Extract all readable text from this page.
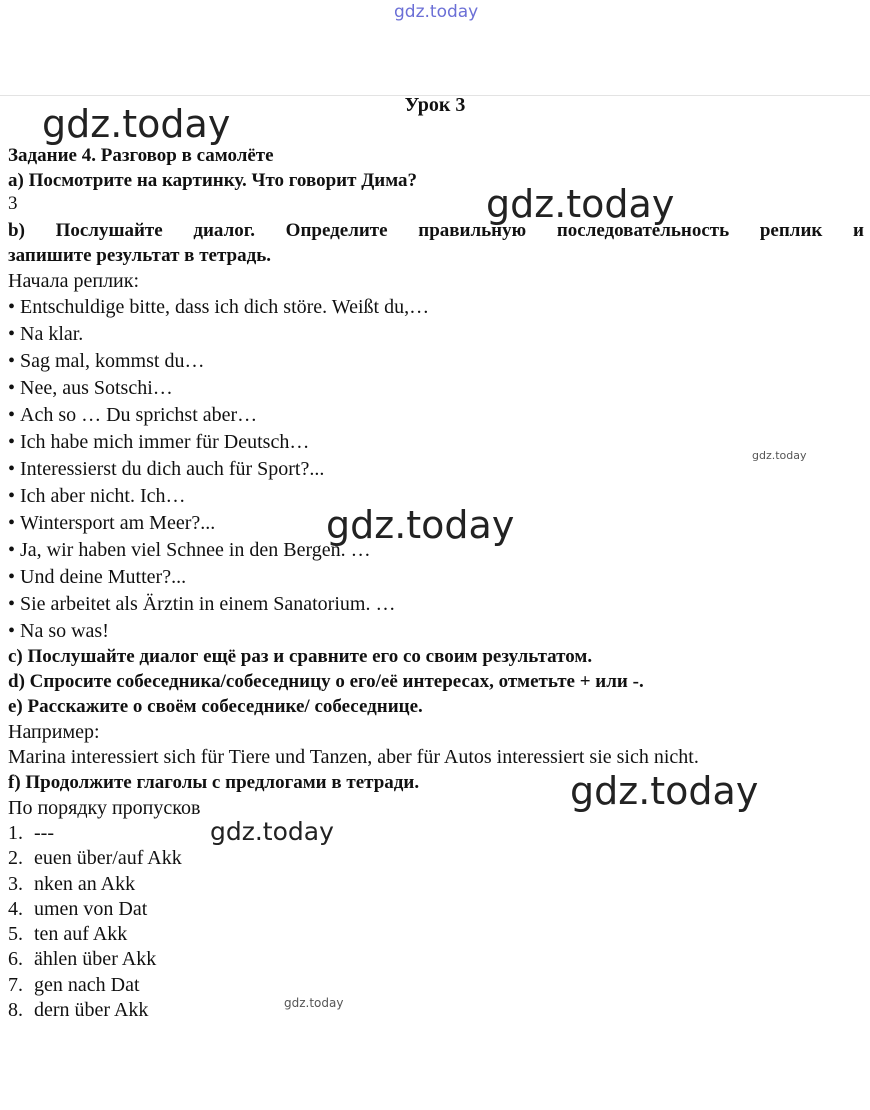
Урок 3
Задание 4. Разговор в самолёте
a) Посмотрите на картинку. Что говорит Дима?
3
b) Послушайте диалог. Определите правильную последовательность реплик и
запишите результат в тетрадь.
Начала реплик:
• Entschuldige bitte, dass ich dich störe. Weißt du,…
• Na klar.
• Sag mal, kommst du…
• Nee, aus Sotschi…
• Ach so … Du sprichst aber…
• Ich habe mich immer für Deutsch…
• Interessierst du dich auch für Sport?...
• Ich aber nicht. Ich…
• Wintersport am Meer?...
• Ja, wir haben viel Schnee in den Bergen. …
• Und deine Mutter?...
• Sie arbeitet als Ärztin in einem Sanatorium. …
• Na so was!
c) Послушайте диалог ещё раз и сравните его со своим результатом.
d) Спросите собеседника/собеседницу о его/её интересах, отметьте + или -.
e) Расскажите о своём собеседнике/ собеседнице.
Например:
Marina interessiert sich für Tiere und Tanzen, aber für Autos interessiert sie sich nicht.
f) Продолжите глаголы с предлогами в тетради.
По порядку пропусков
1. ---
2. euen über/auf Akk
3. nken an Akk
4. umen von Dat
5. ten auf Akk
6. ählen über Akk
7. gen nach Dat
8. dern über Akk
gdz.today
gdz.today
gdz.today
gdz.today
gdz.today
gdz.today
gdz.today
gdz.today
